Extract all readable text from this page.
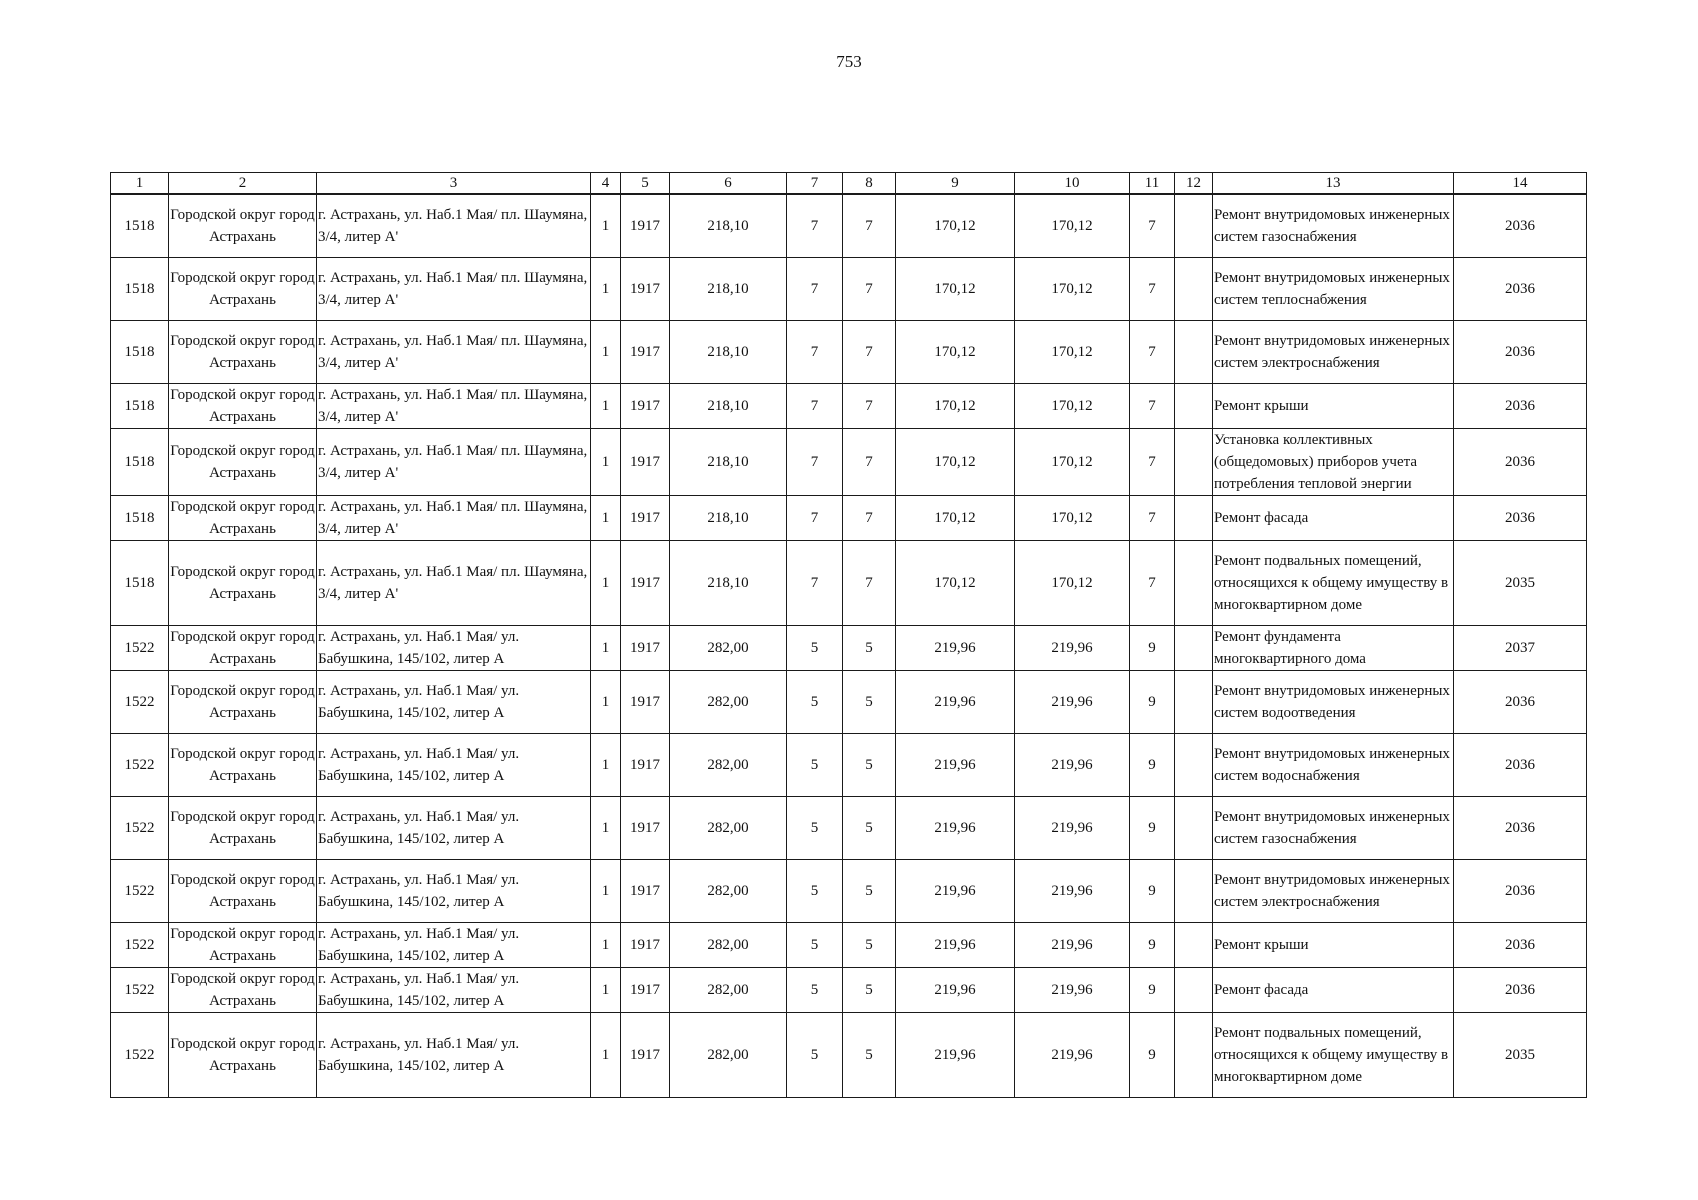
753
1	2	3	4	5	6	7	8	9	10	11	12	13	14
1518	Городской округ город Астрахань	г. Астрахань, ул. Наб.1 Мая/ пл. Шаумяна, 3/4, литер А'	1	1917	218,10	7	7	170,12	170,12	7		Ремонт внутридомовых инженерных систем газоснабжения	2036
1518	Городской округ город Астрахань	г. Астрахань, ул. Наб.1 Мая/ пл. Шаумяна, 3/4, литер А'	1	1917	218,10	7	7	170,12	170,12	7		Ремонт внутридомовых инженерных систем теплоснабжения	2036
1518	Городской округ город Астрахань	г. Астрахань, ул. Наб.1 Мая/ пл. Шаумяна, 3/4, литер А'	1	1917	218,10	7	7	170,12	170,12	7		Ремонт внутридомовых инженерных систем электроснабжения	2036
1518	Городской округ город Астрахань	г. Астрахань, ул. Наб.1 Мая/ пл. Шаумяна, 3/4, литер А'	1	1917	218,10	7	7	170,12	170,12	7		Ремонт крыши	2036
1518	Городской округ город Астрахань	г. Астрахань, ул. Наб.1 Мая/ пл. Шаумяна, 3/4, литер А'	1	1917	218,10	7	7	170,12	170,12	7		Установка коллективных (общедомовых) приборов учета потребления тепловой энергии	2036
1518	Городской округ город Астрахань	г. Астрахань, ул. Наб.1 Мая/ пл. Шаумяна, 3/4, литер А'	1	1917	218,10	7	7	170,12	170,12	7		Ремонт фасада	2036
1518	Городской округ город Астрахань	г. Астрахань, ул. Наб.1 Мая/ пл. Шаумяна, 3/4, литер А'	1	1917	218,10	7	7	170,12	170,12	7		Ремонт подвальных помещений, относящихся к общему имуществу в многоквартирном доме	2035
1522	Городской округ город Астрахань	г. Астрахань, ул. Наб.1 Мая/ ул. Бабушкина, 145/102, литер А	1	1917	282,00	5	5	219,96	219,96	9		Ремонт фундамента многоквартирного дома	2037
1522	Городской округ город Астрахань	г. Астрахань, ул. Наб.1 Мая/ ул. Бабушкина, 145/102, литер А	1	1917	282,00	5	5	219,96	219,96	9		Ремонт внутридомовых инженерных систем водоотведения	2036
1522	Городской округ город Астрахань	г. Астрахань, ул. Наб.1 Мая/ ул. Бабушкина, 145/102, литер А	1	1917	282,00	5	5	219,96	219,96	9		Ремонт внутридомовых инженерных систем водоснабжения	2036
1522	Городской округ город Астрахань	г. Астрахань, ул. Наб.1 Мая/ ул. Бабушкина, 145/102, литер А	1	1917	282,00	5	5	219,96	219,96	9		Ремонт внутридомовых инженерных систем газоснабжения	2036
1522	Городской округ город Астрахань	г. Астрахань, ул. Наб.1 Мая/ ул. Бабушкина, 145/102, литер А	1	1917	282,00	5	5	219,96	219,96	9		Ремонт внутридомовых инженерных систем электроснабжения	2036
1522	Городской округ город Астрахань	г. Астрахань, ул. Наб.1 Мая/ ул. Бабушкина, 145/102, литер А	1	1917	282,00	5	5	219,96	219,96	9		Ремонт крыши	2036
1522	Городской округ город Астрахань	г. Астрахань, ул. Наб.1 Мая/ ул. Бабушкина, 145/102, литер А	1	1917	282,00	5	5	219,96	219,96	9		Ремонт фасада	2036
1522	Городской округ город Астрахань	г. Астрахань, ул. Наб.1 Мая/ ул. Бабушкина, 145/102, литер А	1	1917	282,00	5	5	219,96	219,96	9		Ремонт подвальных помещений, относящихся к общему имуществу в многоквартирном доме	2035
